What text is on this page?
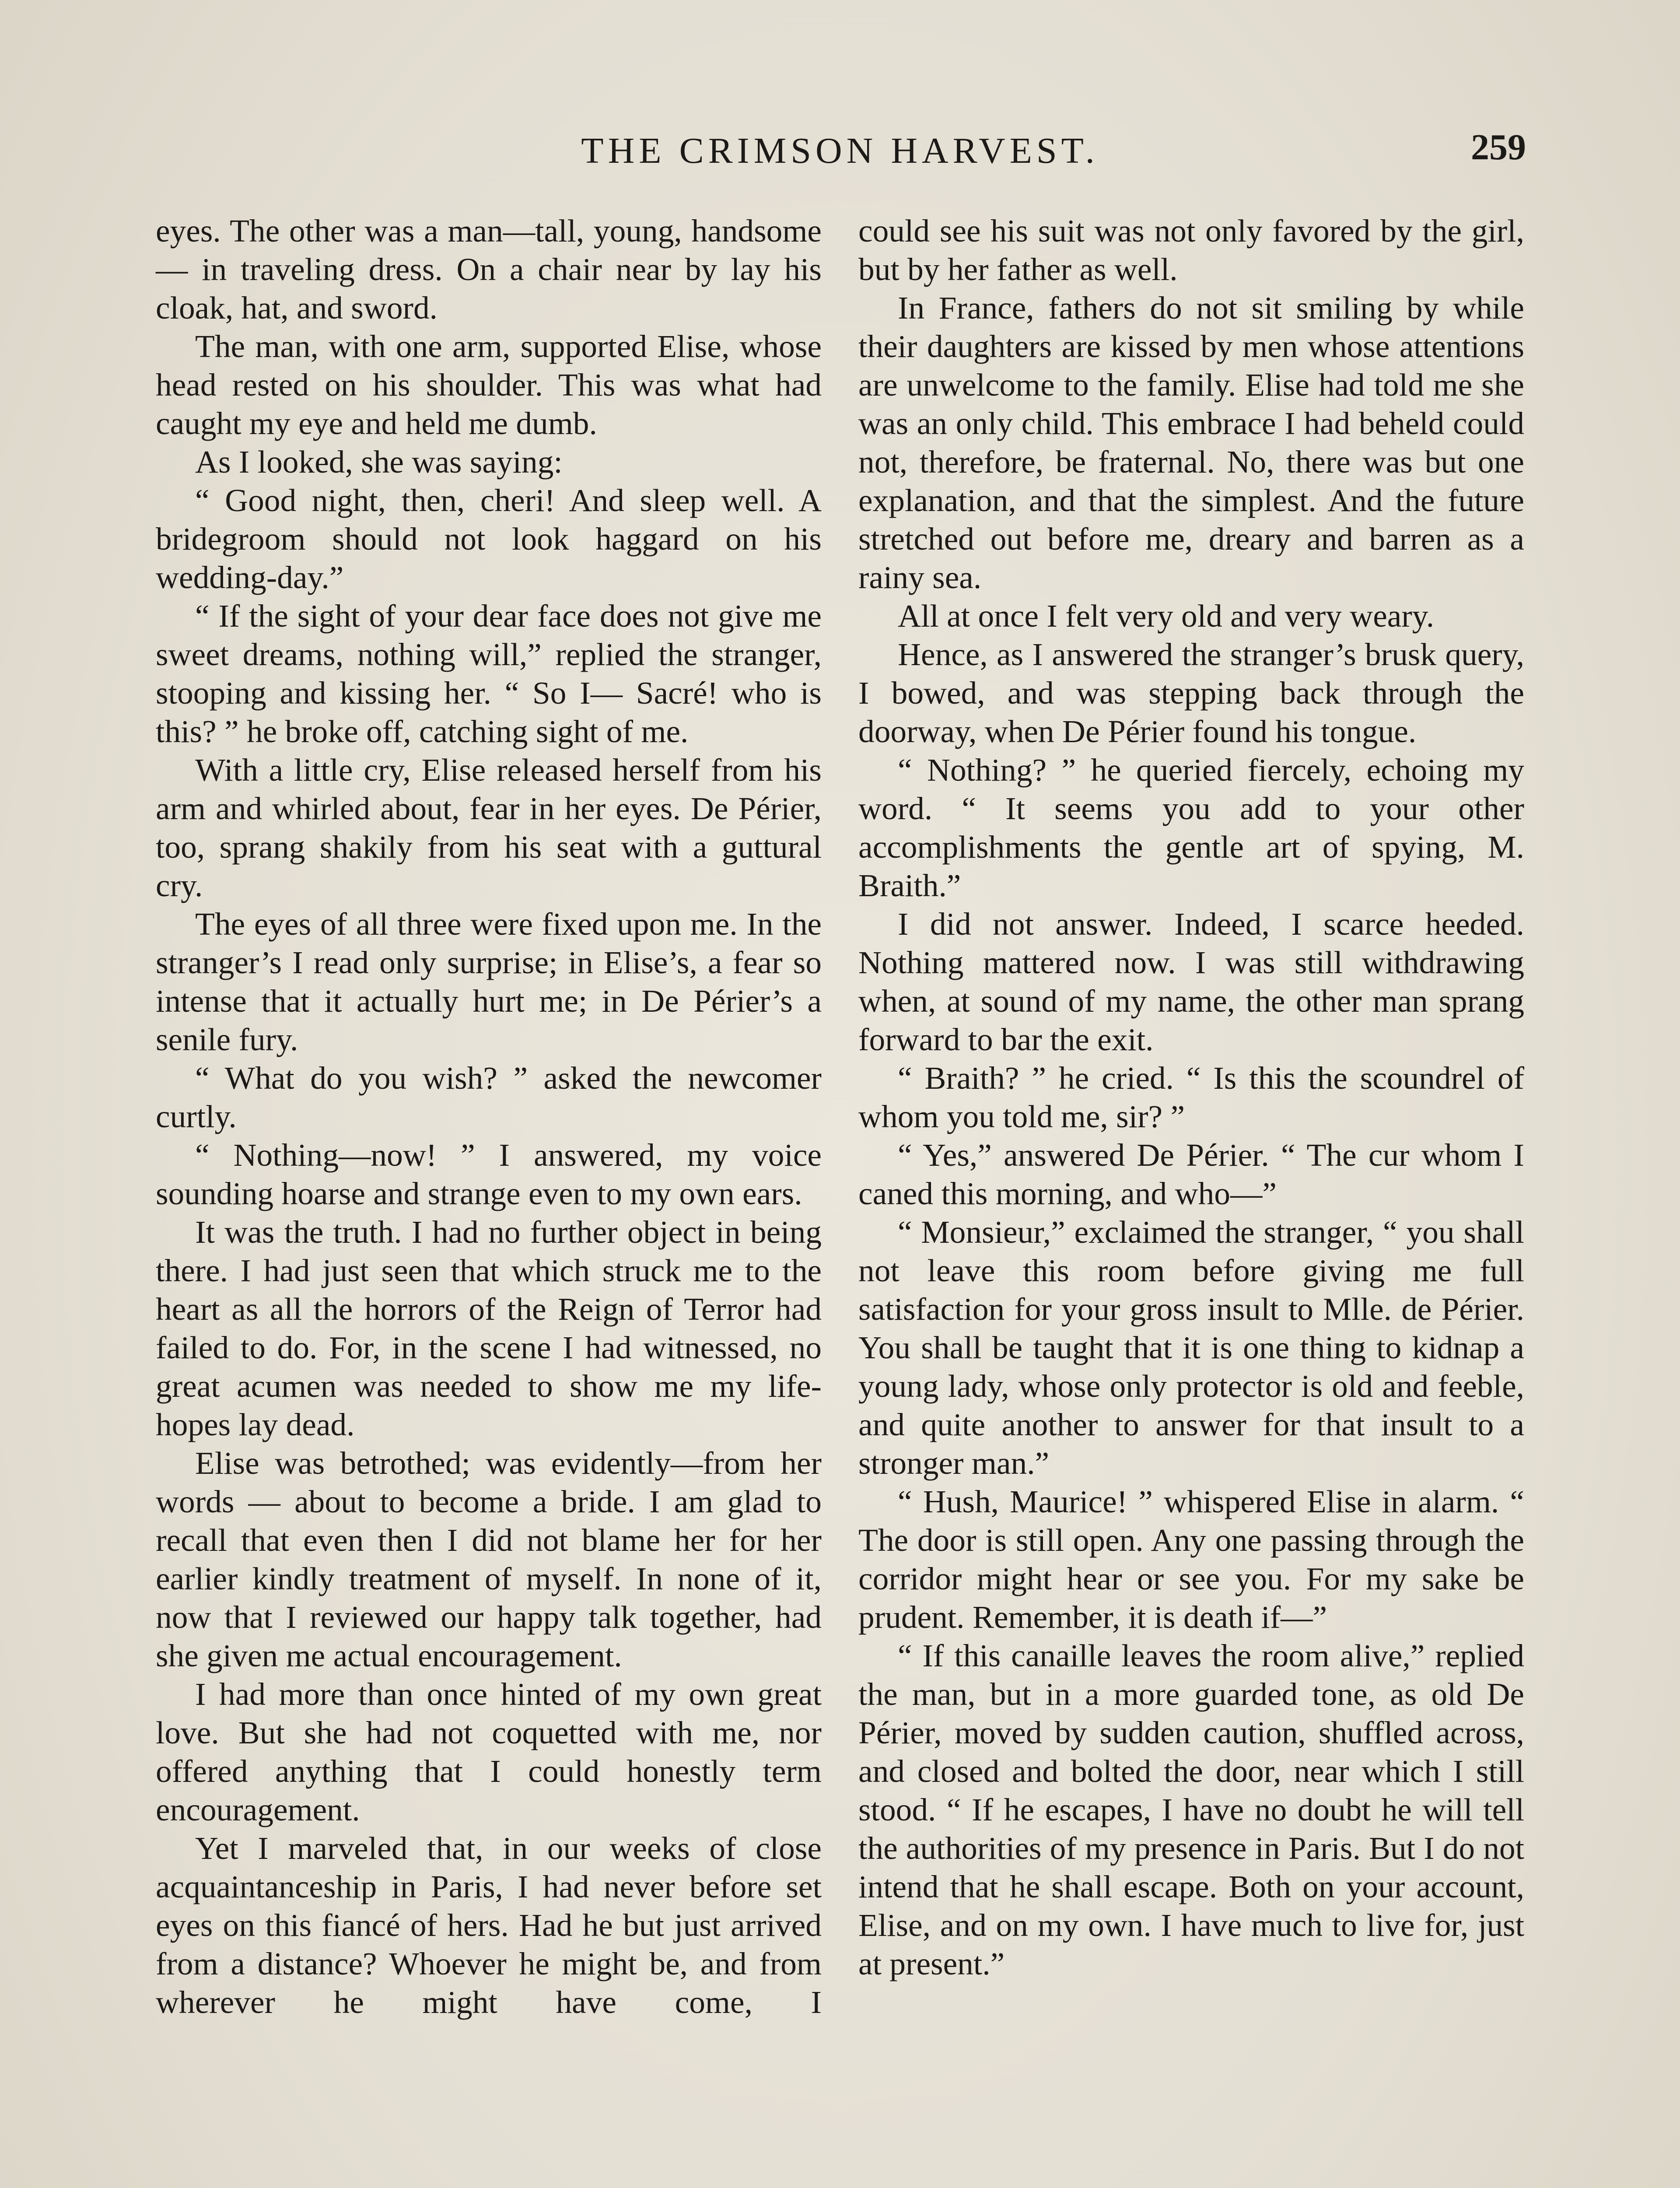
THE CRIMSON HARVEST.	259

eyes. The other was a man—tall, young, handsome — in traveling dress. On a chair near by lay his cloak, hat, and sword.

The man, with one arm, supported Elise, whose head rested on his shoulder. This was what had caught my eye and held me dumb.

As I looked, she was saying:

“ Good night, then, cheri! And sleep well. A bridegroom should not look haggard on his wedding-day.”

“ If the sight of your dear face does not give me sweet dreams, nothing will,” replied the stranger, stooping and kissing her. “ So I— Sacré! who is this? ” he broke off, catching sight of me.

With a little cry, Elise released herself from his arm and whirled about, fear in her eyes. De Périer, too, sprang shakily from his seat with a guttural cry.

The eyes of all three were fixed upon me. In the stranger’s I read only surprise; in Elise’s, a fear so intense that it actually hurt me; in De Périer’s a senile fury.

“ What do you wish? ” asked the newcomer curtly.

“ Nothing—now! ” I answered, my voice sounding hoarse and strange even to my own ears.

It was the truth. I had no further object in being there. I had just seen that which struck me to the heart as all the horrors of the Reign of Terror had failed to do. For, in the scene I had witnessed, no great acumen was needed to show me my life-hopes lay dead.

Elise was betrothed; was evidently—from her words — about to become a bride. I am glad to recall that even then I did not blame her for her earlier kindly treatment of myself. In none of it, now that I reviewed our happy talk together, had she given me actual encouragement.

I had more than once hinted of my own great love. But she had not coquetted with me, nor offered anything that I could honestly term encouragement.

Yet I marveled that, in our weeks of close acquaintanceship in Paris, I had never before set eyes on this fiancé of hers. Had he but just arrived from a distance? Whoever he might be, and from wherever he might have come, I

could see his suit was not only favored by the girl, but by her father as well.

In France, fathers do not sit smiling by while their daughters are kissed by men whose attentions are unwelcome to the family. Elise had told me she was an only child. This embrace I had beheld could not, therefore, be fraternal. No, there was but one explanation, and that the simplest. And the future stretched out before me, dreary and barren as a rainy sea.

All at once I felt very old and very weary.

Hence, as I answered the stranger’s brusk query, I bowed, and was stepping back through the doorway, when De Périer found his tongue.

“ Nothing? ” he queried fiercely, echoing my word. “ It seems you add to your other accomplishments the gentle art of spying, M. Braith.”

I did not answer. Indeed, I scarce heeded. Nothing mattered now. I was still withdrawing when, at sound of my name, the other man sprang forward to bar the exit.

“ Braith? ” he cried. “ Is this the scoundrel of whom you told me, sir? ”

“ Yes,” answered De Périer. “ The cur whom I caned this morning, and who—”

“ Monsieur,” exclaimed the stranger, “ you shall not leave this room before giving me full satisfaction for your gross insult to Mlle. de Périer. You shall be taught that it is one thing to kidnap a young lady, whose only protector is old and feeble, and quite another to answer for that insult to a stronger man.”

“ Hush, Maurice! ” whispered Elise in alarm. “ The door is still open. Any one passing through the corridor might hear or see you. For my sake be prudent. Remember, it is death if—”

“ If this canaille leaves the room alive,” replied the man, but in a more guarded tone, as old De Périer, moved by sudden caution, shuffled across, and closed and bolted the door, near which I still stood. “ If he escapes, I have no doubt he will tell the authorities of my presence in Paris. But I do not intend that he shall escape. Both on your account, Elise, and on my own. I have much to live for, just at present.”
